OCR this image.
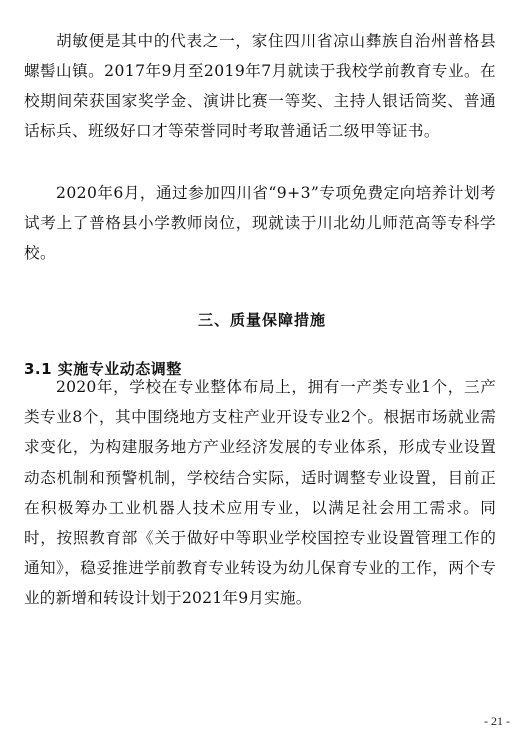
胡敏便是其中的代表之一，家住四川省凉山彝族自治州普格县螺髻山镇。2017年9月至2019年7月就读于我校学前教育专业。在校期间荣获国家奖学金、演讲比赛一等奖、主持人银话筒奖、普通话标兵、班级好口才等荣誉同时考取普通话二级甲等证书。

2020年6月，通过参加四川省“9+3”专项免费定向培养计划考试考上了普格县小学教师岗位，现就读于川北幼儿师范高等专科学校。

三、质量保障措施
3.1 实施专业动态调整

2020年，学校在专业整体布局上，拥有一产类专业1个，三产类专业8个，其中围绕地方支柱产业开设专业2个。根据市场就业需求变化，为构建服务地方产业经济发展的专业体系，形成专业设置动态机制和预警机制，学校结合实际，适时调整专业设置，目前正在积极筹办工业机器人技术应用专业，以满足社会用工需求。同时，按照教育部《关于做好中等职业学校国控专业设置管理工作的通知》，稳妥推进学前教育专业转设为幼儿保育专业的工作，两个专业的新增和转设计划于2021年9月实施。

- 21 -
